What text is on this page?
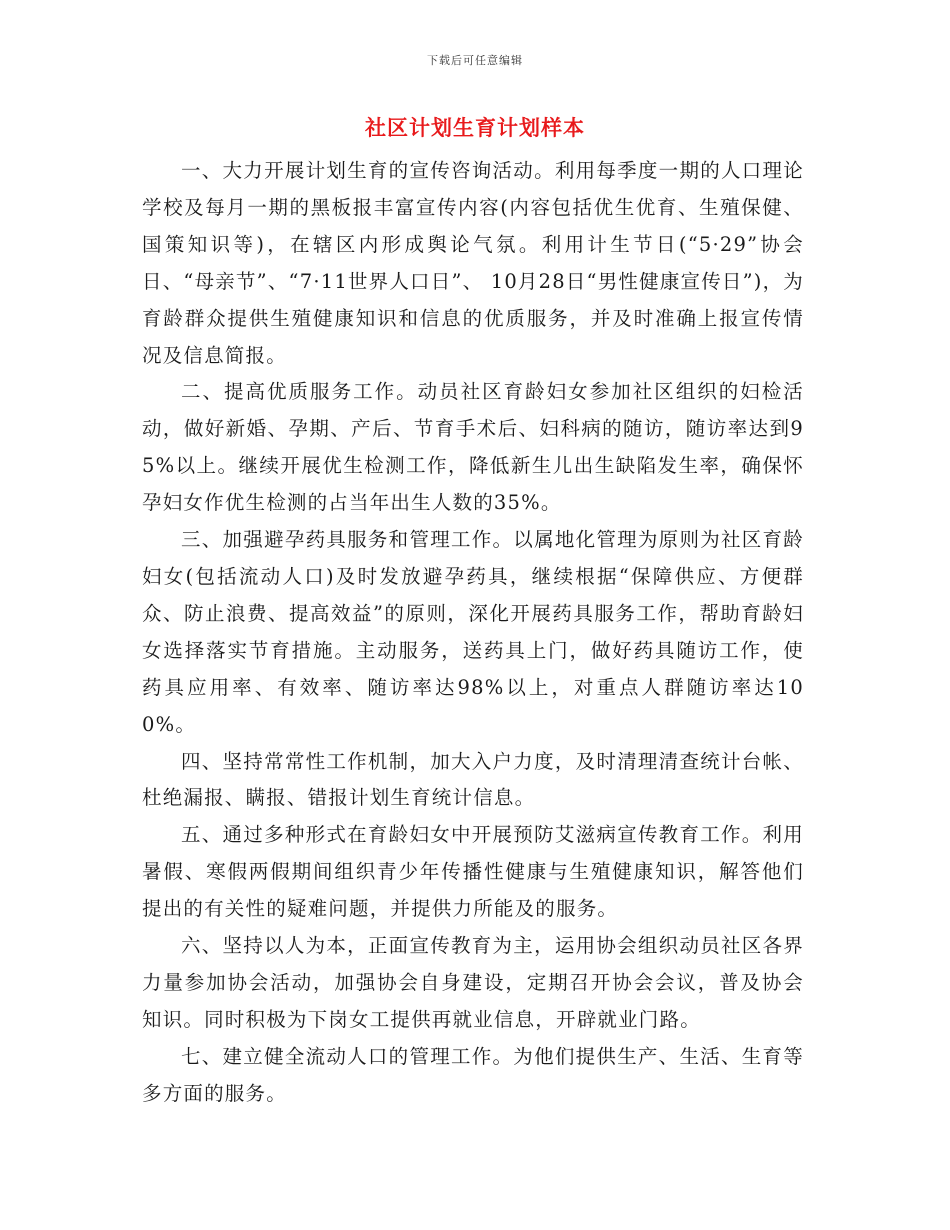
下载后可任意编辑
社区计划生育计划样本

一、大力开展计划生育的宣传咨询活动。利用每季度一期的人口理论学校及每月一期的黑板报丰富宣传内容(内容包括优生优育、生殖保健、国策知识等)，在辖区内形成舆论气氛。利用计生节日(“5·29”协会日、“母亲节”、“7·11世界人口日”、 10月28日“男性健康宣传日”)，为育龄群众提供生殖健康知识和信息的优质服务，并及时准确上报宣传情况及信息简报。

二、提高优质服务工作。动员社区育龄妇女参加社区组织的妇检活动，做好新婚、孕期、产后、节育手术后、妇科病的随访，随访率达到95%以上。继续开展优生检测工作，降低新生儿出生缺陷发生率，确保怀孕妇女作优生检测的占当年出生人数的35%。

三、加强避孕药具服务和管理工作。以属地化管理为原则为社区育龄妇女(包括流动人口)及时发放避孕药具，继续根据“保障供应、方便群众、防止浪费、提高效益”的原则，深化开展药具服务工作，帮助育龄妇女选择落实节育措施。主动服务，送药具上门，做好药具随访工作，使药具应用率、有效率、随访率达98%以上，对重点人群随访率达100%。

四、坚持常常性工作机制，加大入户力度，及时清理清查统计台帐、杜绝漏报、瞒报、错报计划生育统计信息。

五、通过多种形式在育龄妇女中开展预防艾滋病宣传教育工作。利用暑假、寒假两假期间组织青少年传播性健康与生殖健康知识，解答他们提出的有关性的疑难问题，并提供力所能及的服务。

六、坚持以人为本，正面宣传教育为主，运用协会组织动员社区各界力量参加协会活动，加强协会自身建设，定期召开协会会议，普及协会知识。同时积极为下岗女工提供再就业信息，开辟就业门路。

七、建立健全流动人口的管理工作。为他们提供生产、生活、生育等多方面的服务。
